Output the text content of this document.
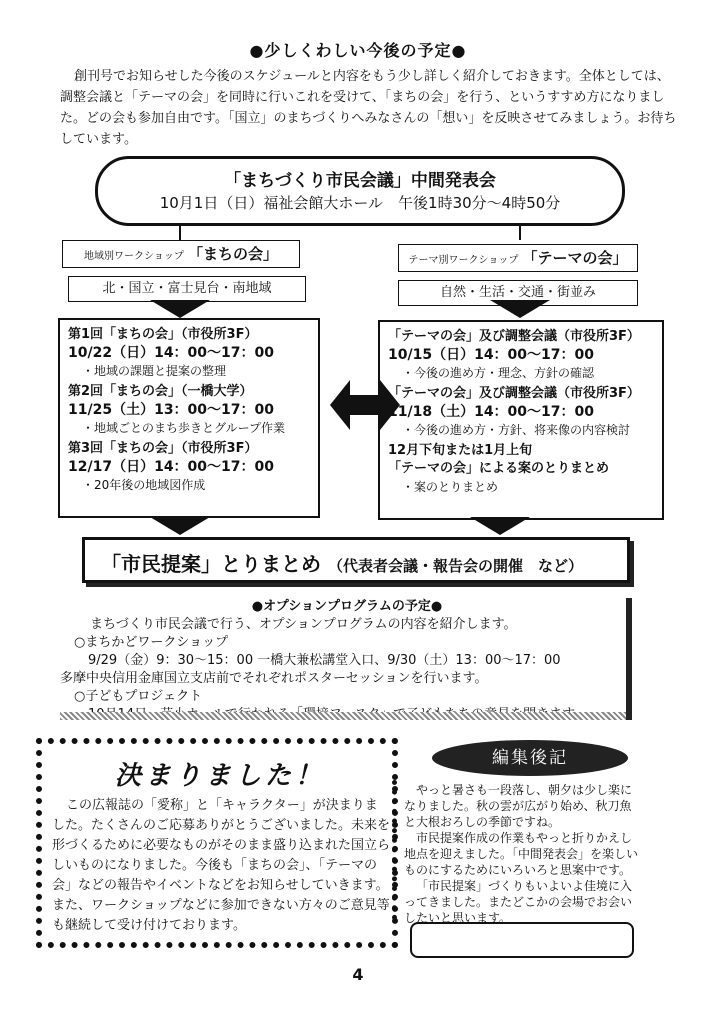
●少しくわしい今後の予定●

創刊号でお知らせした今後のスケジュールと内容をもう少し詳しく紹介しておきます。全体としては、調整会議と「テーマの会」を同時に行いこれを受けて、「まちの会」を行う、というすすめ方になりました。どの会も参加自由です。「国立」のまちづくりへみなさんの「想い」を反映させてみましょう。お待ちしています。

「まちづくり市民会議」中間発表会
10月1日（日）福祉会館大ホール　午後1時30分～4時50分
地域別ワークショップ 「まちの会」
北・国立・富士見台・南地域
テーマ別ワークショップ 「テーマの会」
自然・生活・交通・街並み
第1回「まちの会」（市役所3F）
10/22（日）14：00～17：00
・地域の課題と提案の整理
第2回「まちの会」（一橋大学）
11/25（土）13：00～17：00
・地域ごとのまち歩きとグループ作業
第3回「まちの会」（市役所3F）
12/17（日）14：00～17：00
・20年後の地域図作成
「テーマの会」及び調整会議（市役所3F）
10/15（日）14：00～17：00
・今後の進め方・理念、方針の確認
「テーマの会」及び調整会議（市役所3F）
11/18（土）14：00～17：00
・今後の進め方・方針、将来像の内容検討
12月下旬または1月上旬
「テーマの会」による案のとりまとめ
・案のとりまとめ
「市民提案」とりまとめ （代表者会議・報告会の開催　など）
●オプションプログラムの予定●
まちづくり市民会議で行う、オプションプログラムの内容を紹介します。
○まちかどワークショップ
9/29（金）9：30～15：00 一橋大兼松講堂入口、9/30（土）13：00～17：00
多摩中央信用金庫国立支店前でそれぞれポスターセッションを行います。
○子どもプロジェクト
決まりました！

この広報誌の「愛称」と「キャラクター」が決まりました。たくさんのご応募ありがとうございました。未来を形づくるために必要なものがそのまま盛り込まれた国立らしいものになりました。今後も「まちの会」、「テーマの会」などの報告やイベントなどをお知らせしていきます。また、ワークショップなどに参加できない方々のご意見等も継続して受け付けております。

編集後記

やっと暑さも一段落し、朝夕は少し楽になりました。秋の雲が広がり始め、秋刀魚と大根おろしの季節ですね。

市民提案作成の作業もやっと折りかえし地点を迎えました。「中間発表会」を楽しいものにするためにいろいろと思案中です。

「市民提案」づくりもいよいよ佳境に入ってきました。またどこかの会場でお会いしたいと思います。

4
